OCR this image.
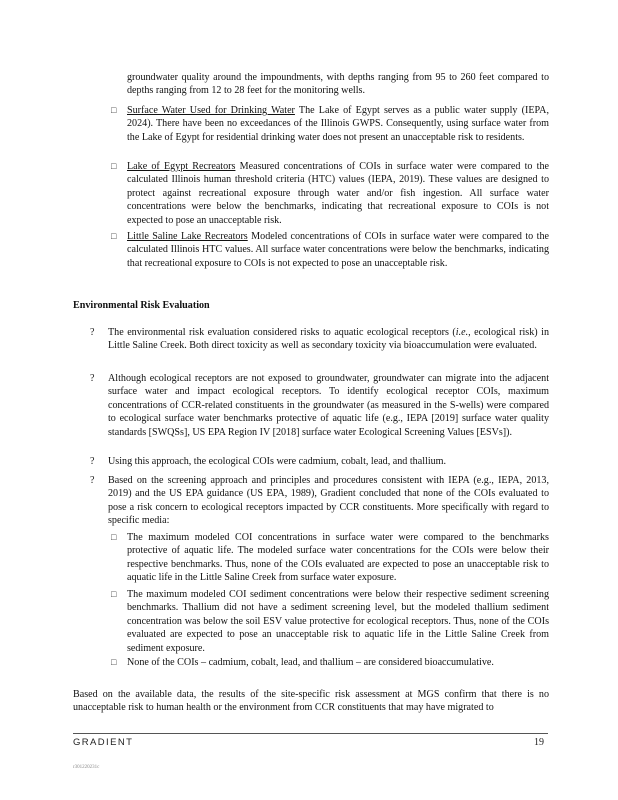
groundwater quality around the impoundments, with depths ranging from 95 to 260 feet compared to depths ranging from 12 to 28 feet for the monitoring wells.
□ Surface Water Used for Drinking Water The Lake of Egypt serves as a public water supply (IEPA, 2024). There have been no exceedances of the Illinois GWPS. Consequently, using surface water from the Lake of Egypt for residential drinking water does not present an unacceptable risk to residents.
□ Lake of Egypt Recreators Measured concentrations of COIs in surface water were compared to the calculated Illinois human threshold criteria (HTC) values (IEPA, 2019). These values are designed to protect against recreational exposure through water and/or fish ingestion. All surface water concentrations were below the benchmarks, indicating that recreational exposure to COIs is not expected to pose an unacceptable risk.
□ Little Saline Lake Recreators Modeled concentrations of COIs in surface water were compared to the calculated Illinois HTC values. All surface water concentrations were below the benchmarks, indicating that recreational exposure to COIs is not expected to pose an unacceptable risk.
Environmental Risk Evaluation
? The environmental risk evaluation considered risks to aquatic ecological receptors (i.e., ecological risk) in Little Saline Creek. Both direct toxicity as well as secondary toxicity via bioaccumulation were evaluated.
? Although ecological receptors are not exposed to groundwater, groundwater can migrate into the adjacent surface water and impact ecological receptors. To identify ecological receptor COIs, maximum concentrations of CCR-related constituents in the groundwater (as measured in the S-wells) were compared to ecological surface water benchmarks protective of aquatic life (e.g., IEPA [2019] surface water quality standards [SWQSs], US EPA Region IV [2018] surface water Ecological Screening Values [ESVs]).
? Using this approach, the ecological COIs were cadmium, cobalt, lead, and thallium.
? Based on the screening approach and principles and procedures consistent with IEPA (e.g., IEPA, 2013, 2019) and the US EPA guidance (US EPA, 1989), Gradient concluded that none of the COIs evaluated to pose a risk concern to ecological receptors impacted by CCR constituents. More specifically with regard to specific media:
□ The maximum modeled COI concentrations in surface water were compared to the benchmarks protective of aquatic life. The modeled surface water concentrations for the COIs were below their respective benchmarks. Thus, none of the COIs evaluated are expected to pose an unacceptable risk to aquatic life in the Little Saline Creek from surface water exposure.
□ The maximum modeled COI sediment concentrations were below their respective sediment screening benchmarks. Thallium did not have a sediment screening level, but the modeled thallium sediment concentration was below the soil ESV value protective for ecological receptors. Thus, none of the COIs evaluated are expected to pose an unacceptable risk to aquatic life in the Little Saline Creek from sediment exposure.
□ None of the COIs – cadmium, cobalt, lead, and thallium – are considered bioaccumulative.
Based on the available data, the results of the site-specific risk assessment at MGS confirm that there is no unacceptable risk to human health or the environment from CCR constituents that may have migrated to
GRADIENT	19
r301220231c
